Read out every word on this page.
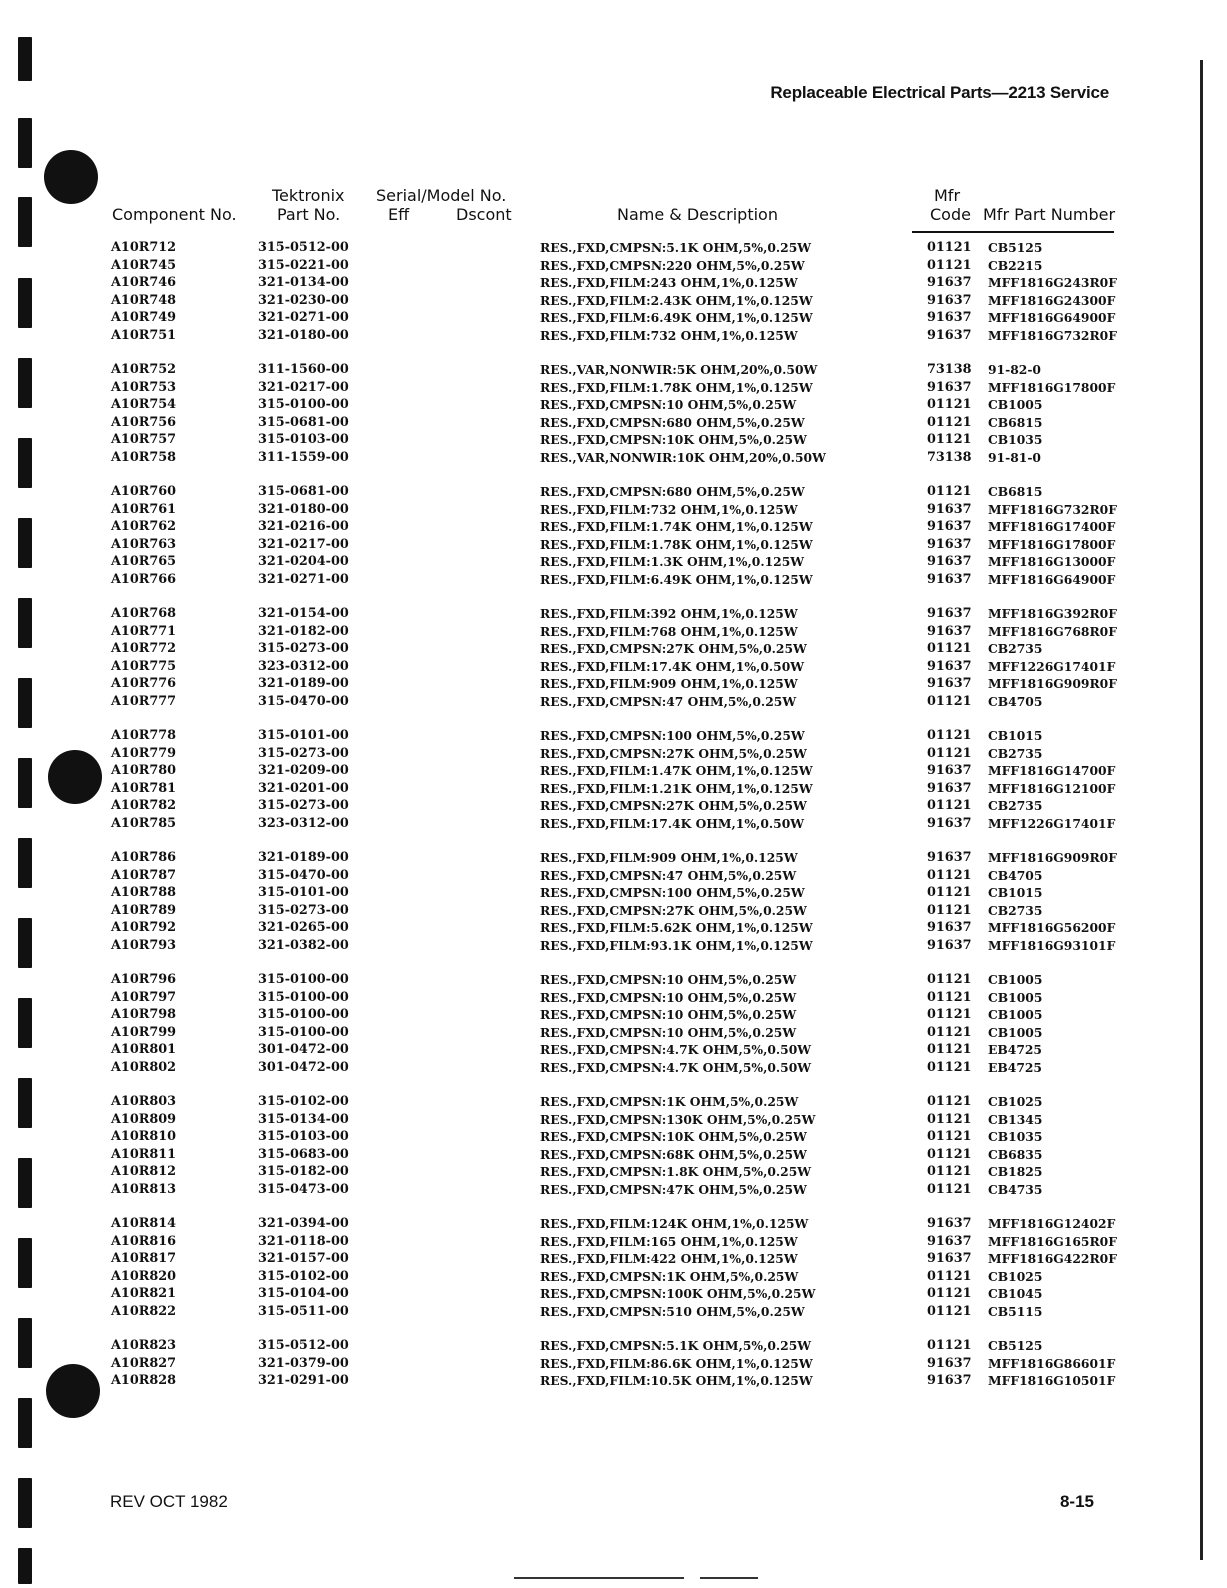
Replaceable Electrical Parts—2213 Service
Component No.
Tektronix
Part No.
Serial/Model No.
Eff	Dscont	Name & Description
Mfr
Code Mfr Part Number
A10R712	315-0512-00	RES.,FXD,CMPSN:5.1K OHM,5%,0.25W	01121 CB5125
A10R745	315-0221-00	RES.,FXD,CMPSN:220 OHM,5%,0.25W	01121 CB2215
A10R746	321-0134-00	RES.,FXD,FILM:243 OHM,1%,0.125W	91637 MFF1816G243R0F
A10R748	321-0230-00	RES.,FXD,FILM:2.43K OHM,1%,0.125W	91637 MFF1816G24300F
A10R749	321-0271-00	RES.,FXD,FILM:6.49K OHM,1%,0.125W	91637 MFF1816G64900F
A10R751	321-0180-00	RES.,FXD,FILM:732 OHM,1%,0.125W	91637 MFF1816G732R0F
A10R752	311-1560-00	RES.,VAR,NONWIR:5K OHM,20%,0.50W	73138 91-82-0
A10R753	321-0217-00	RES.,FXD,FILM:1.78K OHM,1%,0.125W	91637 MFF1816G17800F
A10R754	315-0100-00	RES.,FXD,CMPSN:10 OHM,5%,0.25W	01121 CB1005
A10R756	315-0681-00	RES.,FXD,CMPSN:680 OHM,5%,0.25W	01121 CB6815
A10R757	315-0103-00	RES.,FXD,CMPSN:10K OHM,5%,0.25W	01121 CB1035
A10R758	311-1559-00	RES.,VAR,NONWIR:10K OHM,20%,0.50W	73138 91-81-0
A10R760	315-0681-00	RES.,FXD,CMPSN:680 OHM,5%,0.25W	01121 CB6815
A10R761	321-0180-00	RES.,FXD,FILM:732 OHM,1%,0.125W	91637 MFF1816G732R0F
A10R762	321-0216-00	RES.,FXD,FILM:1.74K OHM,1%,0.125W	91637 MFF1816G17400F
A10R763	321-0217-00	RES.,FXD,FILM:1.78K OHM,1%,0.125W	91637 MFF1816G17800F
A10R765	321-0204-00	RES.,FXD,FILM:1.3K OHM,1%,0.125W	91637 MFF1816G13000F
A10R766	321-0271-00	RES.,FXD,FILM:6.49K OHM,1%,0.125W	91637 MFF1816G64900F
A10R768	321-0154-00	RES.,FXD,FILM:392 OHM,1%,0.125W	91637 MFF1816G392R0F
A10R771	321-0182-00	RES.,FXD,FILM:768 OHM,1%,0.125W	91637 MFF1816G768R0F
A10R772	315-0273-00	RES.,FXD,CMPSN:27K OHM,5%,0.25W	01121 CB2735
A10R775	323-0312-00	RES.,FXD,FILM:17.4K OHM,1%,0.50W	91637 MFF1226G17401F
A10R776	321-0189-00	RES.,FXD,FILM:909 OHM,1%,0.125W	91637 MFF1816G909R0F
A10R777	315-0470-00	RES.,FXD,CMPSN:47 OHM,5%,0.25W	01121 CB4705
A10R778	315-0101-00	RES.,FXD,CMPSN:100 OHM,5%,0.25W	01121 CB1015
A10R779	315-0273-00	RES.,FXD,CMPSN:27K OHM,5%,0.25W	01121 CB2735
A10R780	321-0209-00	RES.,FXD,FILM:1.47K OHM,1%,0.125W	91637 MFF1816G14700F
A10R781	321-0201-00	RES.,FXD,FILM:1.21K OHM,1%,0.125W	91637 MFF1816G12100F
A10R782	315-0273-00	RES.,FXD,CMPSN:27K OHM,5%,0.25W	01121 CB2735
A10R785	323-0312-00	RES.,FXD,FILM:17.4K OHM,1%,0.50W	91637 MFF1226G17401F
A10R786	321-0189-00	RES.,FXD,FILM:909 OHM,1%,0.125W	91637 MFF1816G909R0F
A10R787	315-0470-00	RES.,FXD,CMPSN:47 OHM,5%,0.25W	01121 CB4705
A10R788	315-0101-00	RES.,FXD,CMPSN:100 OHM,5%,0.25W	01121 CB1015
A10R789	315-0273-00	RES.,FXD,CMPSN:27K OHM,5%,0.25W	01121 CB2735
A10R792	321-0265-00	RES.,FXD,FILM:5.62K OHM,1%,0.125W	91637 MFF1816G56200F
A10R793	321-0382-00	RES.,FXD,FILM:93.1K OHM,1%,0.125W	91637 MFF1816G93101F
A10R796	315-0100-00	RES.,FXD,CMPSN:10 OHM,5%,0.25W	01121 CB1005
A10R797	315-0100-00	RES.,FXD,CMPSN:10 OHM,5%,0.25W	01121 CB1005
A10R798	315-0100-00	RES.,FXD,CMPSN:10 OHM,5%,0.25W	01121 CB1005
A10R799	315-0100-00	RES.,FXD,CMPSN:10 OHM,5%,0.25W	01121 CB1005
A10R801	301-0472-00	RES.,FXD,CMPSN:4.7K OHM,5%,0.50W	01121 EB4725
A10R802	301-0472-00	RES.,FXD,CMPSN:4.7K OHM,5%,0.50W	01121 EB4725
A10R803	315-0102-00	RES.,FXD,CMPSN:1K OHM,5%,0.25W	01121 CB1025
A10R809	315-0134-00	RES.,FXD,CMPSN:130K OHM,5%,0.25W	01121 CB1345
A10R810	315-0103-00	RES.,FXD,CMPSN:10K OHM,5%,0.25W	01121 CB1035
A10R811	315-0683-00	RES.,FXD,CMPSN:68K OHM,5%,0.25W	01121 CB6835
A10R812	315-0182-00	RES.,FXD,CMPSN:1.8K OHM,5%,0.25W	01121 CB1825
A10R813	315-0473-00	RES.,FXD,CMPSN:47K OHM,5%,0.25W	01121 CB4735
A10R814	321-0394-00	RES.,FXD,FILM:124K OHM,1%,0.125W	91637 MFF1816G12402F
A10R816	321-0118-00	RES.,FXD,FILM:165 OHM,1%,0.125W	91637 MFF1816G165R0F
A10R817	321-0157-00	RES.,FXD,FILM:422 OHM,1%,0.125W	91637 MFF1816G422R0F
A10R820	315-0102-00	RES.,FXD,CMPSN:1K OHM,5%,0.25W	01121 CB1025
A10R821	315-0104-00	RES.,FXD,CMPSN:100K OHM,5%,0.25W	01121 CB1045
A10R822	315-0511-00	RES.,FXD,CMPSN:510 OHM,5%,0.25W	01121 CB5115
A10R823	315-0512-00	RES.,FXD,CMPSN:5.1K OHM,5%,0.25W	01121 CB5125
A10R827	321-0379-00	RES.,FXD,FILM:86.6K OHM,1%,0.125W	91637 MFF1816G86601F
A10R828	321-0291-00	RES.,FXD,FILM:10.5K OHM,1%,0.125W	91637 MFF1816G10501F
REV OCT 1982	8-15
